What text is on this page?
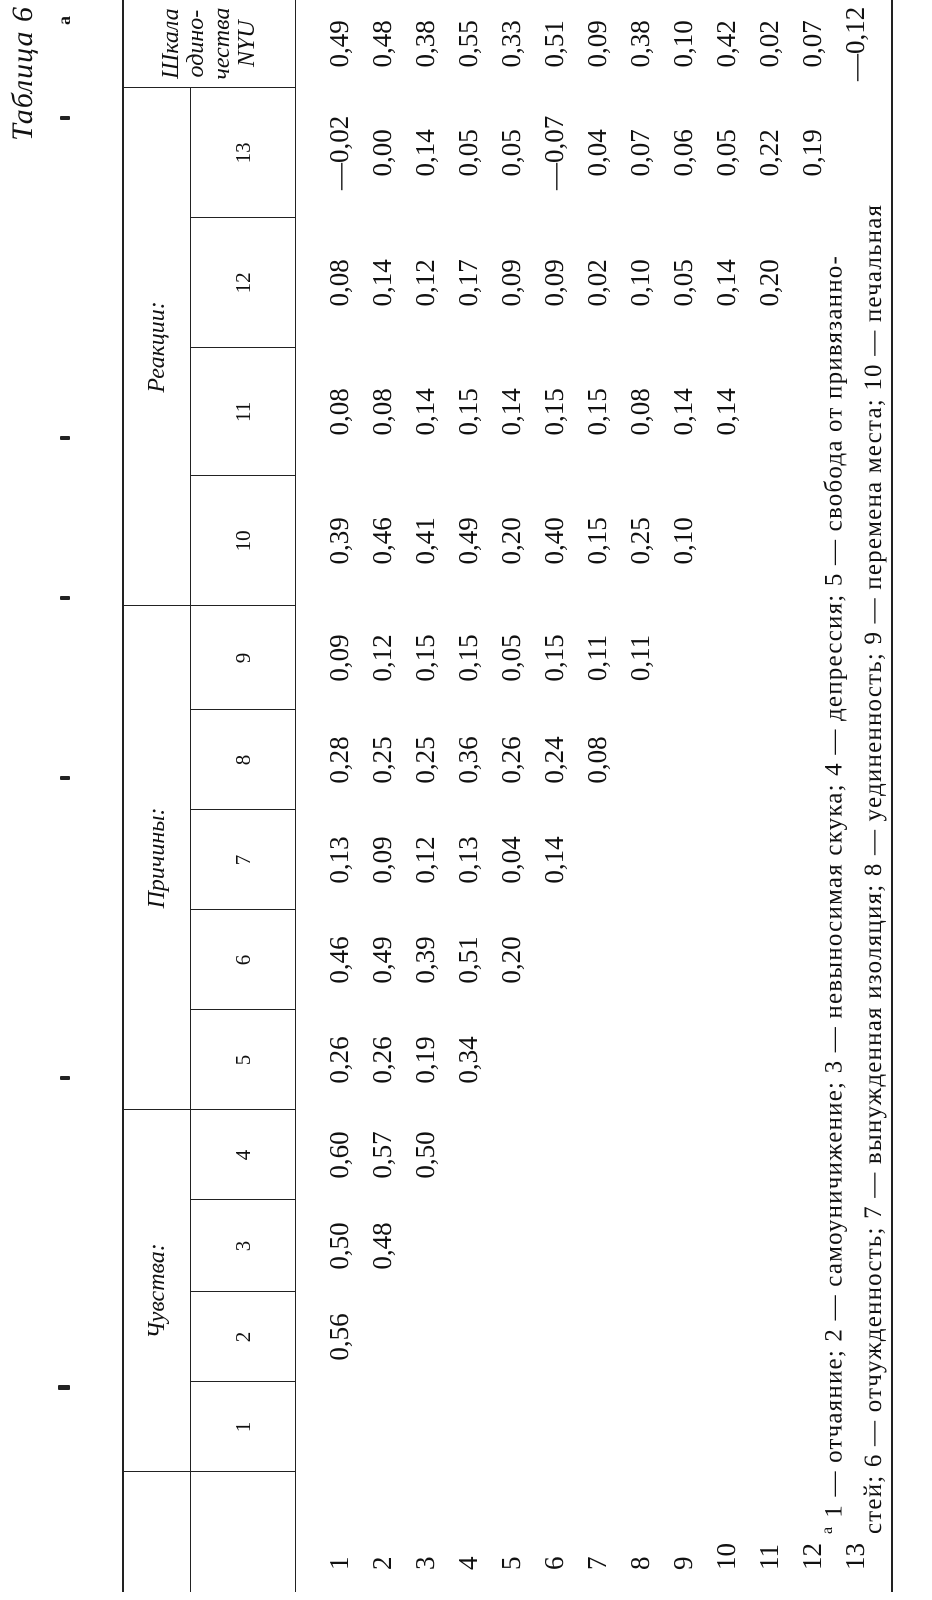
Таблица 6 а
	Чувства:				Причины:					Реакции:				Шкала одино-чества NYU
	1	2	3	4	5	6	7	8	9	10	11	12	13	
1		0,56	0,50	0,60	0,26	0,46	0,13	0,28	0,09	0,39	0,08	0,08	—0,02	0,49
2			0,48	0,57	0,26	0,49	0,09	0,25	0,12	0,46	0,08	0,14	0,00	0,48
3				0,50	0,19	0,39	0,12	0,25	0,15	0,41	0,14	0,12	0,14	0,38
4					0,34	0,51	0,13	0,36	0,15	0,49	0,15	0,17	0,05	0,55
5						0,20	0,04	0,26	0,05	0,20	0,14	0,09	0,05	0,33
6							0,14	0,24	0,15	0,40	0,15	0,09	—0,07	0,51
7								0,08	0,11	0,15	0,15	0,02	0,04	0,09
8									0,11	0,25	0,08	0,10	0,07	0,38
9										0,10	0,14	0,05	0,06	0,10
10											0,14	0,14	0,05	0,42
11												0,20	0,22	0,02
12													0,19	0,07
13														—0,12
$^а$1 — отчаяние; 2 — самоуничижение; 3 — невыносимая скука; 4 — депрессия; 5 — свобода от привязанно- стей; 6 — отчужденность; 7 — вынужденная изоляция; 8 — уединенность; 9 — перемена места; 10 — печальная
